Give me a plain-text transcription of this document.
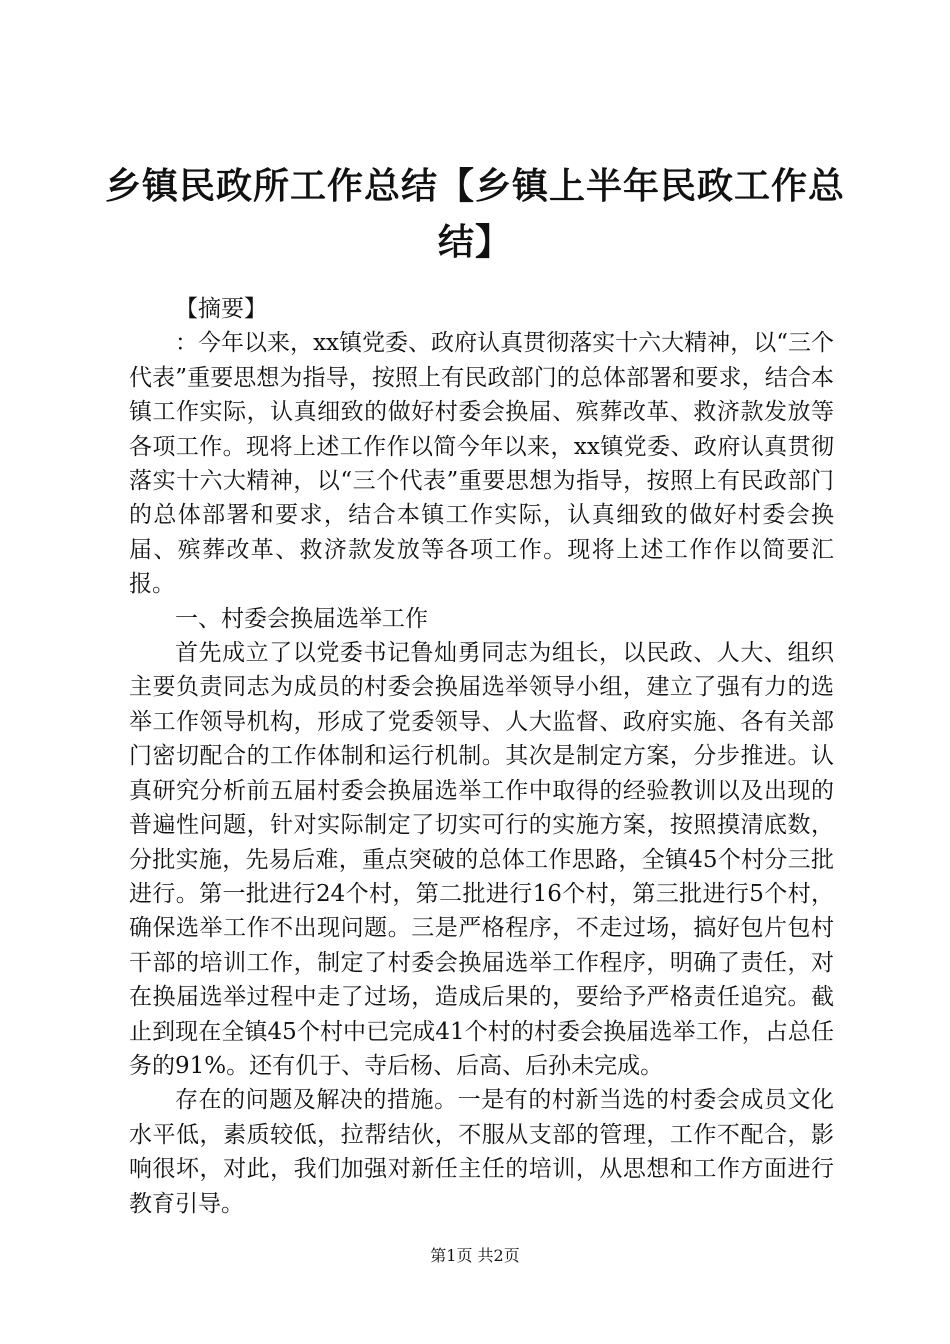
乡镇民政所工作总结【乡镇上半年民政工作总结】

【摘要】

：今年以来，xx镇党委、政府认真贯彻落实十六大精神，以“三个代表”重要思想为指导，按照上有民政部门的总体部署和要求，结合本镇工作实际，认真细致的做好村委会换届、殡葬改革、救济款发放等各项工作。现将上述工作作以简今年以来，xx镇党委、政府认真贯彻落实十六大精神，以“三个代表”重要思想为指导，按照上有民政部门的总体部署和要求，结合本镇工作实际，认真细致的做好村委会换届、殡葬改革、救济款发放等各项工作。现将上述工作作以简要汇报。

一、村委会换届选举工作

首先成立了以党委书记鲁灿勇同志为组长，以民政、人大、组织主要负责同志为成员的村委会换届选举领导小组，建立了强有力的选举工作领导机构，形成了党委领导、人大监督、政府实施、各有关部门密切配合的工作体制和运行机制。其次是制定方案，分步推进。认真研究分析前五届村委会换届选举工作中取得的经验教训以及出现的普遍性问题，针对实际制定了切实可行的实施方案，按照摸清底数，分批实施，先易后难，重点突破的总体工作思路，全镇45个村分三批进行。第一批进行24个村，第二批进行16个村，第三批进行5个村，确保选举工作不出现问题。三是严格程序，不走过场，搞好包片包村干部的培训工作，制定了村委会换届选举工作程序，明确了责任，对在换届选举过程中走了过场，造成后果的，要给予严格责任追究。截止到现在全镇45个村中已完成41个村的村委会换届选举工作，占总任务的91%。还有仉于、寺后杨、后高、后孙未完成。

存在的问题及解决的措施。一是有的村新当选的村委会成员文化水平低，素质较低，拉帮结伙，不服从支部的管理，工作不配合，影响很坏，对此，我们加强对新任主任的培训，从思想和工作方面进行教育引导。

第1页 共2页
